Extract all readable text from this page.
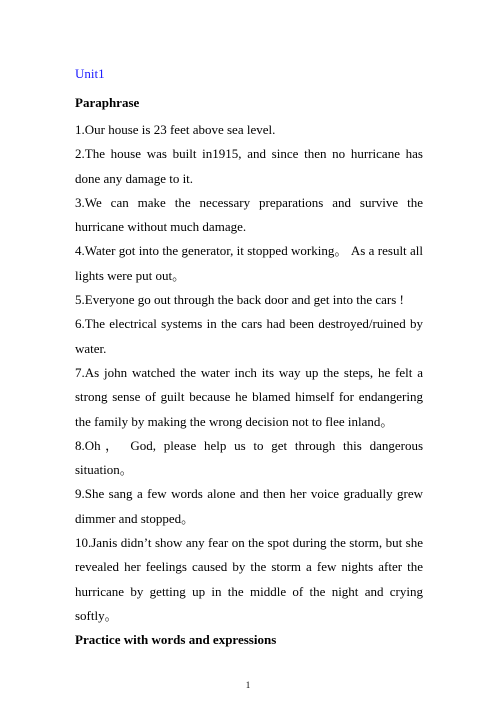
Unit1
Paraphrase

1.Our house is 23 feet above sea level.

2.The house was built in1915, and since then no hurricane has done any damage to it.

3.We can make the necessary preparations and survive the hurricane without much damage.

4.Water got into the generator, it stopped working。 As a result all lights were put out。

5.Everyone go out through the back door and get into the cars !

6.The electrical systems in the cars had been destroyed/ruined by water.

7.As john watched the water inch its way up the steps, he felt a strong sense of guilt because he blamed himself for endangering the family by making the wrong decision not to flee inland。

8.Oh， God, please help us to get through this dangerous situation。

9.She sang a few words alone and then her voice gradually grew dimmer and stopped。

10.Janis didn’t show any fear on the spot during the storm, but she revealed her feelings caused by the storm a few nights after the hurricane by getting up in the middle of the night and crying softly。

Practice with words and expressions
1
